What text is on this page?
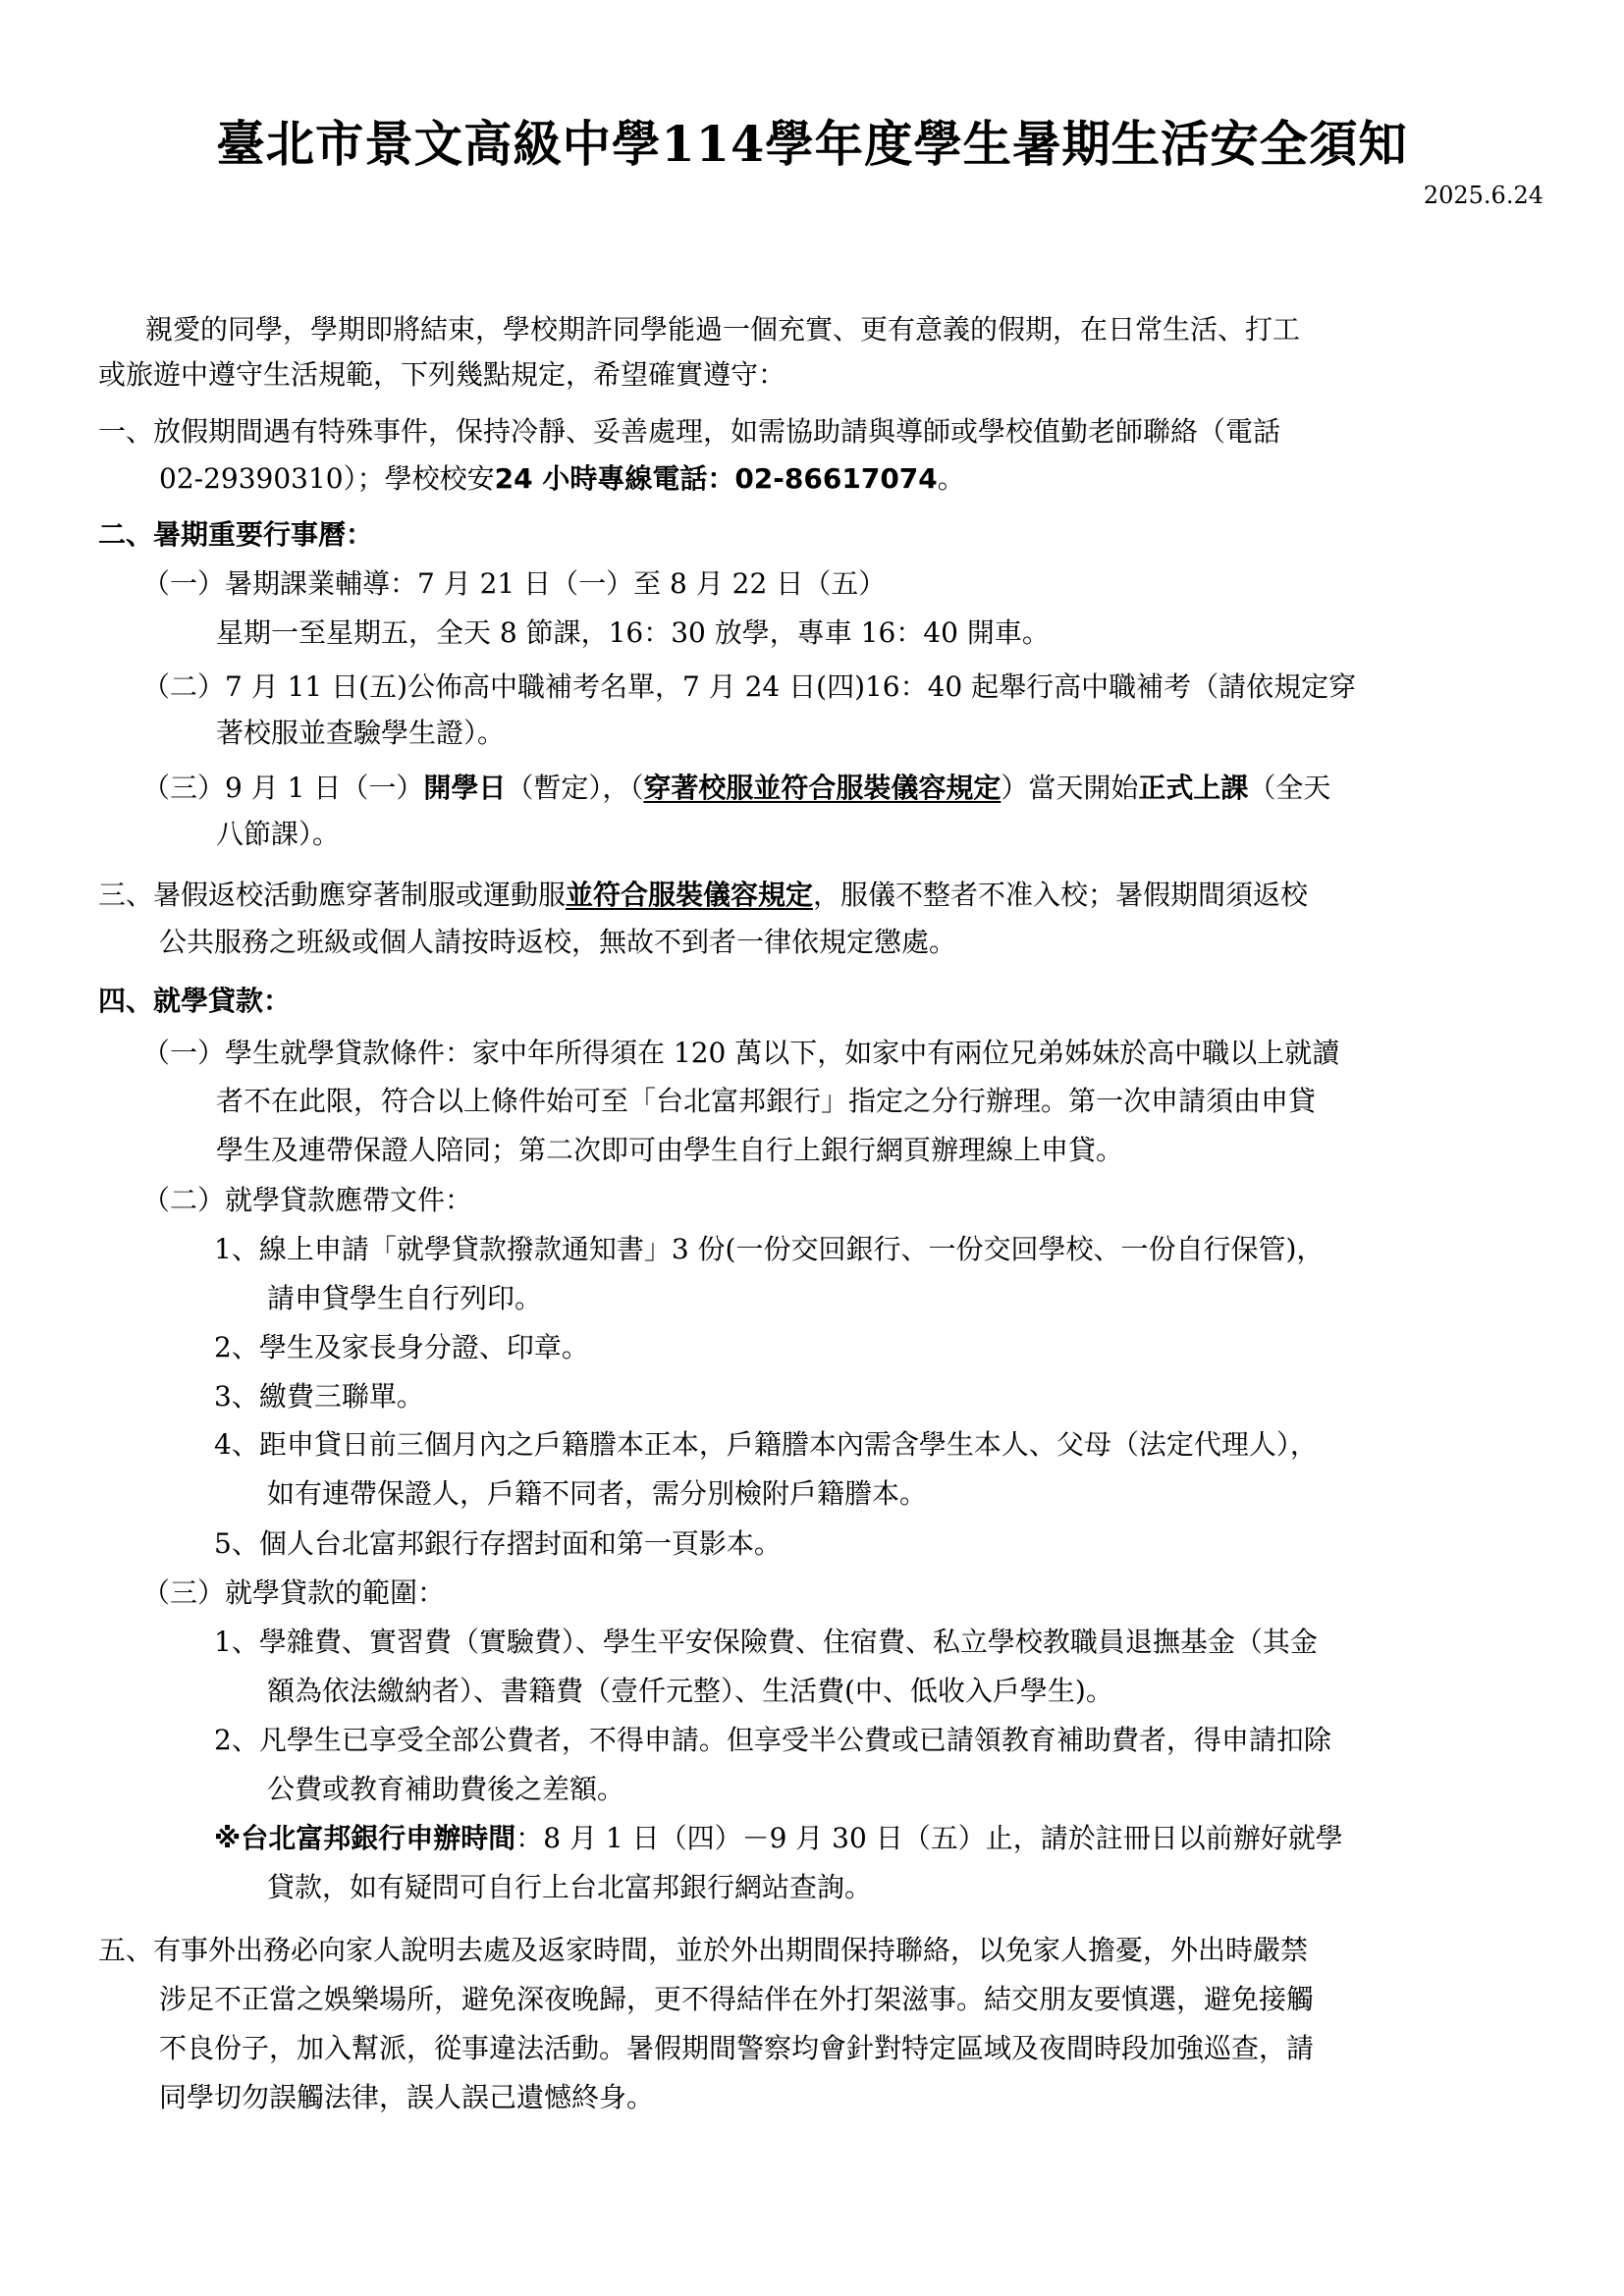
臺北市景文高級中學114學年度學生暑期生活安全須知
2025.6.24
親愛的同學，學期即將結束，學校期許同學能過一個充實、更有意義的假期，在日常生活、打工
或旅遊中遵守生活規範，下列幾點規定，希望確實遵守：
一、放假期間遇有特殊事件，保持冷靜、妥善處理，如需協助請與導師或學校值勤老師聯絡（電話
02-29390310）；學校校安24 小時專線電話：02-86617074。
二、暑期重要行事曆：
（一）暑期課業輔導：7 月 21 日（一）至 8 月 22 日（五）
星期一至星期五，全天 8 節課，16：30 放學，專車 16：40 開車。
（二）7 月 11 日(五)公佈高中職補考名單，7 月 24 日(四)16：40 起舉行高中職補考（請依規定穿
著校服並查驗學生證）。
（三）9 月 1 日（一）開學日（暫定），（穿著校服並符合服裝儀容規定）當天開始正式上課（全天
八節課）。
三、暑假返校活動應穿著制服或運動服並符合服裝儀容規定，服儀不整者不准入校；暑假期間須返校
公共服務之班級或個人請按時返校，無故不到者一律依規定懲處。
四、就學貸款：
（一）學生就學貸款條件：家中年所得須在 120 萬以下，如家中有兩位兄弟姊妹於高中職以上就讀
者不在此限，符合以上條件始可至「台北富邦銀行」指定之分行辦理。第一次申請須由申貸
學生及連帶保證人陪同；第二次即可由學生自行上銀行網頁辦理線上申貸。
（二）就學貸款應帶文件：
1、線上申請「就學貸款撥款通知書」3 份(一份交回銀行、一份交回學校、一份自行保管)，
請申貸學生自行列印。
2、學生及家長身分證、印章。
3、繳費三聯單。
4、距申貸日前三個月內之戶籍謄本正本，戶籍謄本內需含學生本人、父母（法定代理人），
如有連帶保證人，戶籍不同者，需分別檢附戶籍謄本。
5、個人台北富邦銀行存摺封面和第一頁影本。
（三）就學貸款的範圍：
1、學雜費、實習費（實驗費）、學生平安保險費、住宿費、私立學校教職員退撫基金（其金
額為依法繳納者）、書籍費（壹仟元整）、生活費(中、低收入戶學生)。
2、凡學生已享受全部公費者，不得申請。但享受半公費或已請領教育補助費者，得申請扣除
公費或教育補助費後之差額。
※台北富邦銀行申辦時間：8 月 1 日（四）－9 月 30 日（五）止，請於註冊日以前辦好就學
貸款，如有疑問可自行上台北富邦銀行網站查詢。
五、有事外出務必向家人說明去處及返家時間，並於外出期間保持聯絡，以免家人擔憂，外出時嚴禁
涉足不正當之娛樂場所，避免深夜晚歸，更不得結伴在外打架滋事。結交朋友要慎選，避免接觸
不良份子，加入幫派，從事違法活動。暑假期間警察均會針對特定區域及夜間時段加強巡查，請
同學切勿誤觸法律，誤人誤己遺憾終身。
